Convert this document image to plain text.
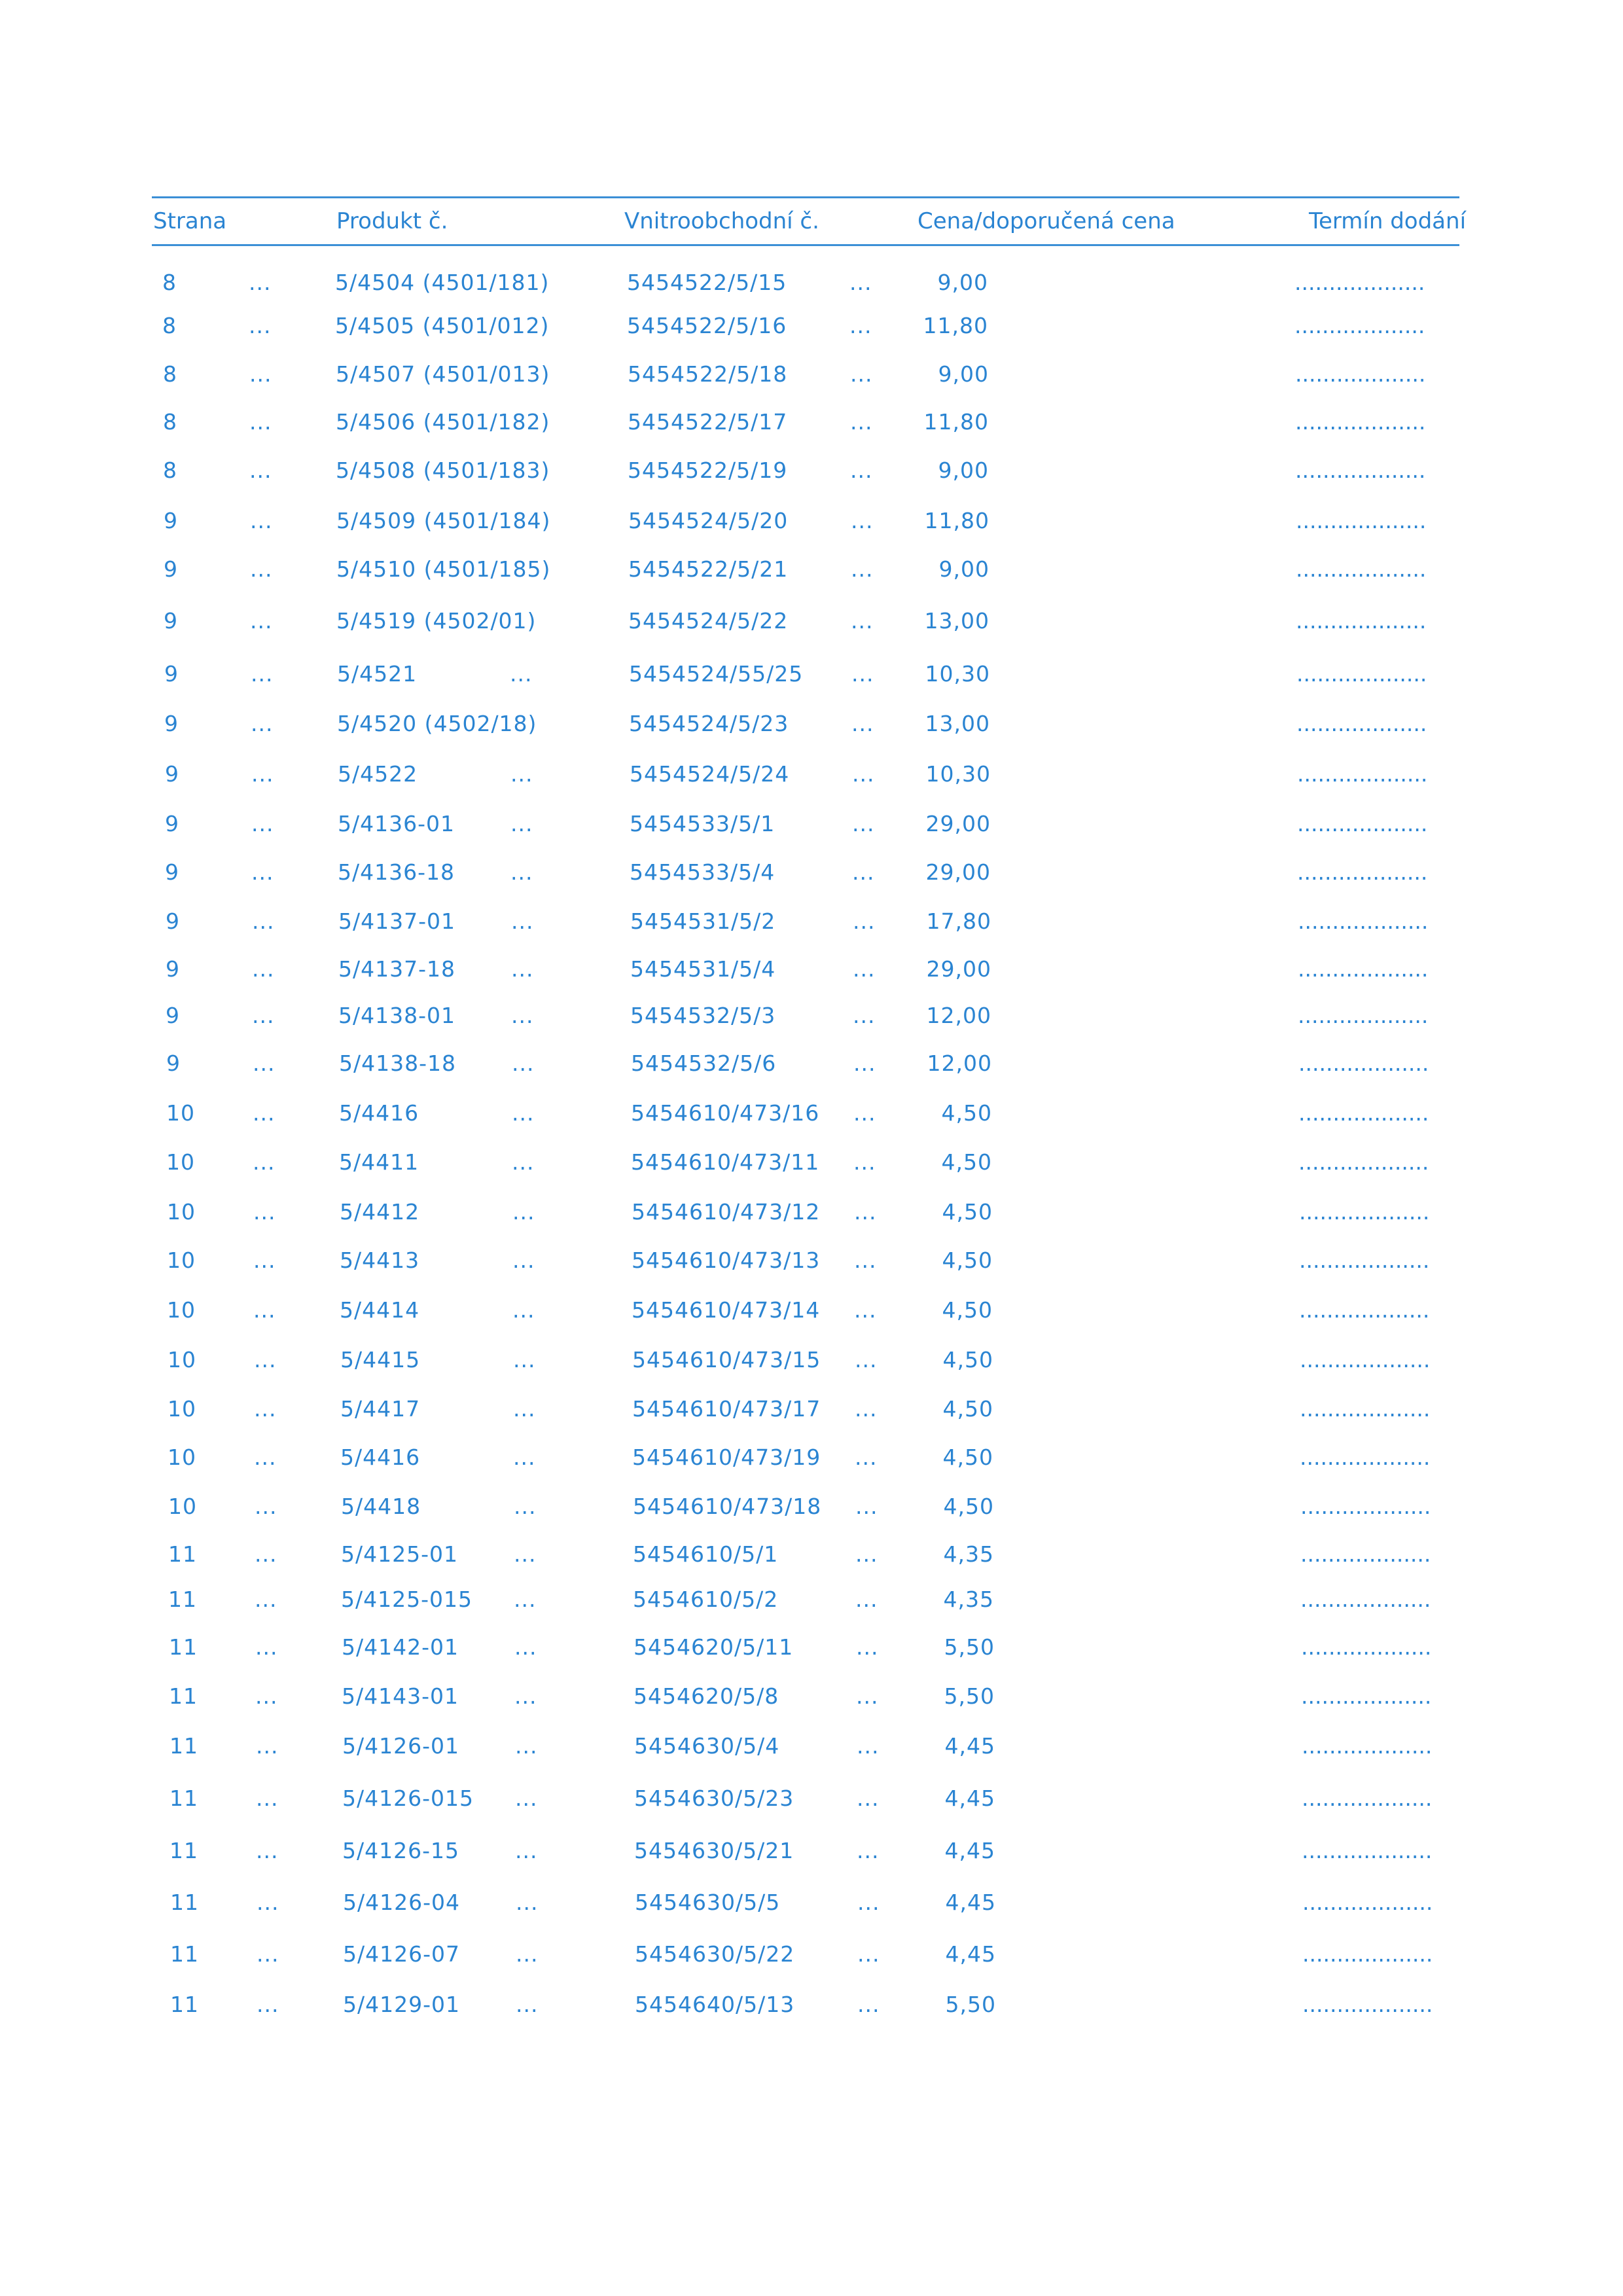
Strana	Produkt č.	Vnitroobchodní č.	Cena/doporučená cena	Termín dodání
8	...	5/4504 (4501/181)	5454522/5/15	...	9,00	...................
8	...	5/4505 (4501/012)	5454522/5/16	...	11,80	...................
8	...	5/4507 (4501/013)	5454522/5/18	...	9,00	...................
8	...	5/4506 (4501/182)	5454522/5/17	...	11,80	...................
8	...	5/4508 (4501/183)	5454522/5/19	...	9,00	...................
9	...	5/4509 (4501/184)	5454524/5/20	...	11,80	...................
9	...	5/4510 (4501/185)	5454522/5/21	...	9,00	...................
9	...	5/4519 (4502/01)	5454524/5/22	...	13,00	...................
9	...	5/4521	...	5454524/55/25 ...	10,30	...................
9	...	5/4520 (4502/18)	5454524/5/23	...	13,00	...................
9	...	5/4522	...	5454524/5/24	...	10,30	...................
9	...	5/4136-01	...	5454533/5/1	...	29,00	...................
9	...	5/4136-18	...	5454533/5/4	...	29,00	...................
9	...	5/4137-01	...	5454531/5/2	...	17,80	...................
9	...	5/4137-18	...	5454531/5/4	...	29,00	...................
9	...	5/4138-01	...	5454532/5/3	...	12,00	...................
9	...	5/4138-18	...	5454532/5/6	...	12,00	...................
10	...	5/4416	...	5454610/473/16 ...	4,50	...................
10	...	5/4411	...	5454610/473/11 ...	4,50	...................
10	...	5/4412	...	5454610/473/12 ...	4,50	...................
10	...	5/4413	...	5454610/473/13 ...	4,50	...................
10	...	5/4414	...	5454610/473/14 ...	4,50	...................
10	...	5/4415	...	5454610/473/15 ...	4,50	...................
10	...	5/4417	...	5454610/473/17 ...	4,50	...................
10	...	5/4416	...	5454610/473/19 ...	4,50	...................
10	...	5/4418	...	5454610/473/18 ...	4,50	...................
11	...	5/4125-01	...	5454610/5/1	...	4,35	...................
11	...	5/4125-015 ...	5454610/5/2	...	4,35	...................
11	...	5/4142-01	...	5454620/5/11	...	5,50	...................
11	...	5/4143-01	...	5454620/5/8	...	5,50	...................
11	...	5/4126-01	...	5454630/5/4	...	4,45	...................
11	...	5/4126-015 ...	5454630/5/23	...	4,45	...................
11	...	5/4126-15	...	5454630/5/21	...	4,45	...................
11	...	5/4126-04	...	5454630/5/5	...	4,45	...................
11	...	5/4126-07	...	5454630/5/22	...	4,45	...................
11	...	5/4129-01	...	5454640/5/13	...	5,50	...................
